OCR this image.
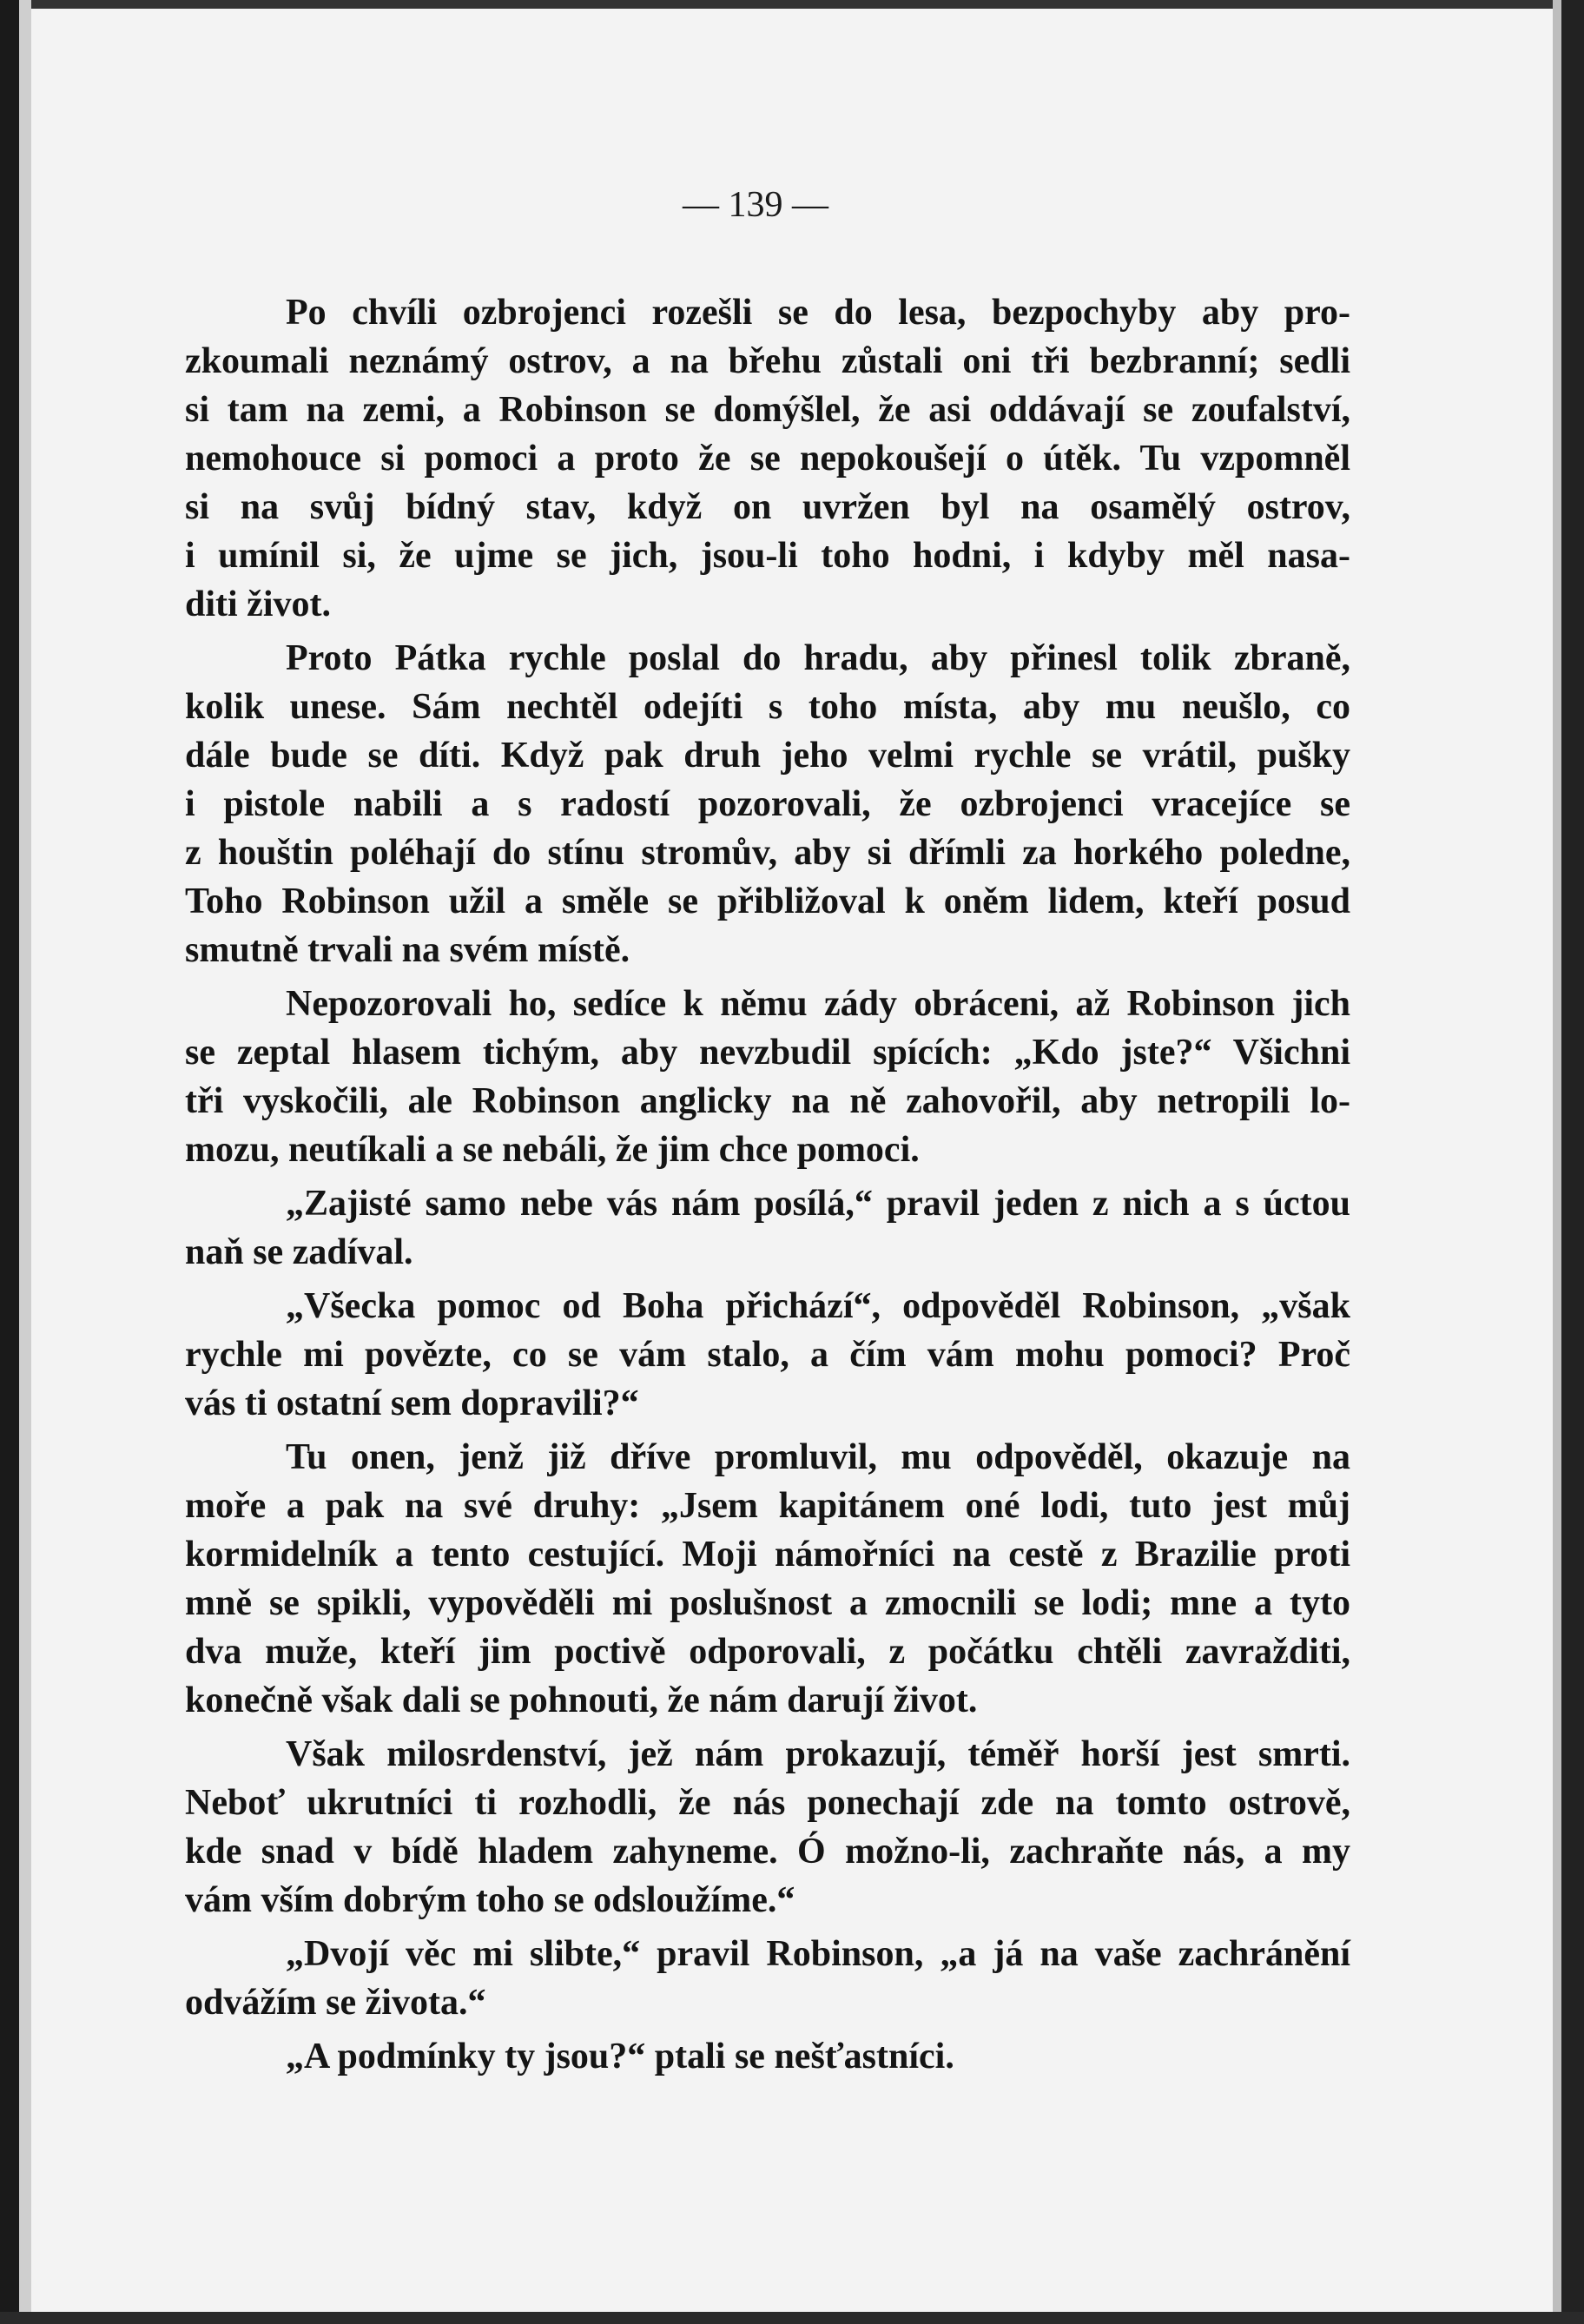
— 139 —
Po chvíli ozbrojenci rozešli se do lesa, bezpochyby aby pro-
zkoumali neznámý ostrov, a na břehu zůstali oni tři bezbranní; sedli
si tam na zemi, a Robinson se domýšlel, že asi oddávají se zoufalství,
nemohouce si pomoci a proto že se nepokoušejí o útěk. Tu vzpomněl
si na svůj bídný stav, když on uvržen byl na osamělý ostrov,
i umínil si, že ujme se jich, jsou-li toho hodni, i kdyby měl nasa-
diti život.
Proto Pátka rychle poslal do hradu, aby přinesl tolik zbraně,
kolik unese. Sám nechtěl odejíti s toho místa, aby mu neušlo, co
dále bude se díti. Když pak druh jeho velmi rychle se vrátil, pušky
i pistole nabili a s radostí pozorovali, že ozbrojenci vracejíce se
z houštin poléhají do stínu stromův, aby si dřímli za horkého poledne,
Toho Robinson užil a směle se přibližoval k oněm lidem, kteří posud
smutně trvali na svém místě.
Nepozorovali ho, sedíce k němu zády obráceni, až Robinson jich
se zeptal hlasem tichým, aby nevzbudil spících: „Kdo jste?“ Všichni
tři vyskočili, ale Robinson anglicky na ně zahovořil, aby netropili lo-
mozu, neutíkali a se nebáli, že jim chce pomoci.
„Zajisté samo nebe vás nám posílá,“ pravil jeden z nich a s úctou
naň se zadíval.
„Všecka pomoc od Boha přichází“, odpověděl Robinson, „však
rychle mi povězte, co se vám stalo, a čím vám mohu pomoci? Proč
vás ti ostatní sem dopravili?“
Tu onen, jenž již dříve promluvil, mu odpověděl, okazuje na
moře a pak na své druhy: „Jsem kapitánem oné lodi, tuto jest můj
kormidelník a tento cestující. Moji námořníci na cestě z Brazilie proti
mně se spikli, vypověděli mi poslušnost a zmocnili se lodi; mne a tyto
dva muže, kteří jim poctivě odporovali, z počátku chtěli zavražditi,
konečně však dali se pohnouti, že nám darují život.
Však milosrdenství, jež nám prokazují, téměř horší jest smrti.
Neboť ukrutníci ti rozhodli, že nás ponechají zde na tomto ostrově,
kde snad v bídě hladem zahyneme. Ó možno-li, zachraňte nás, a my
vám vším dobrým toho se odsloužíme.“
„Dvojí věc mi slibte,“ pravil Robinson, „a já na vaše zachránění
odvážím se života.“
„A podmínky ty jsou?“ ptali se nešťastníci.
